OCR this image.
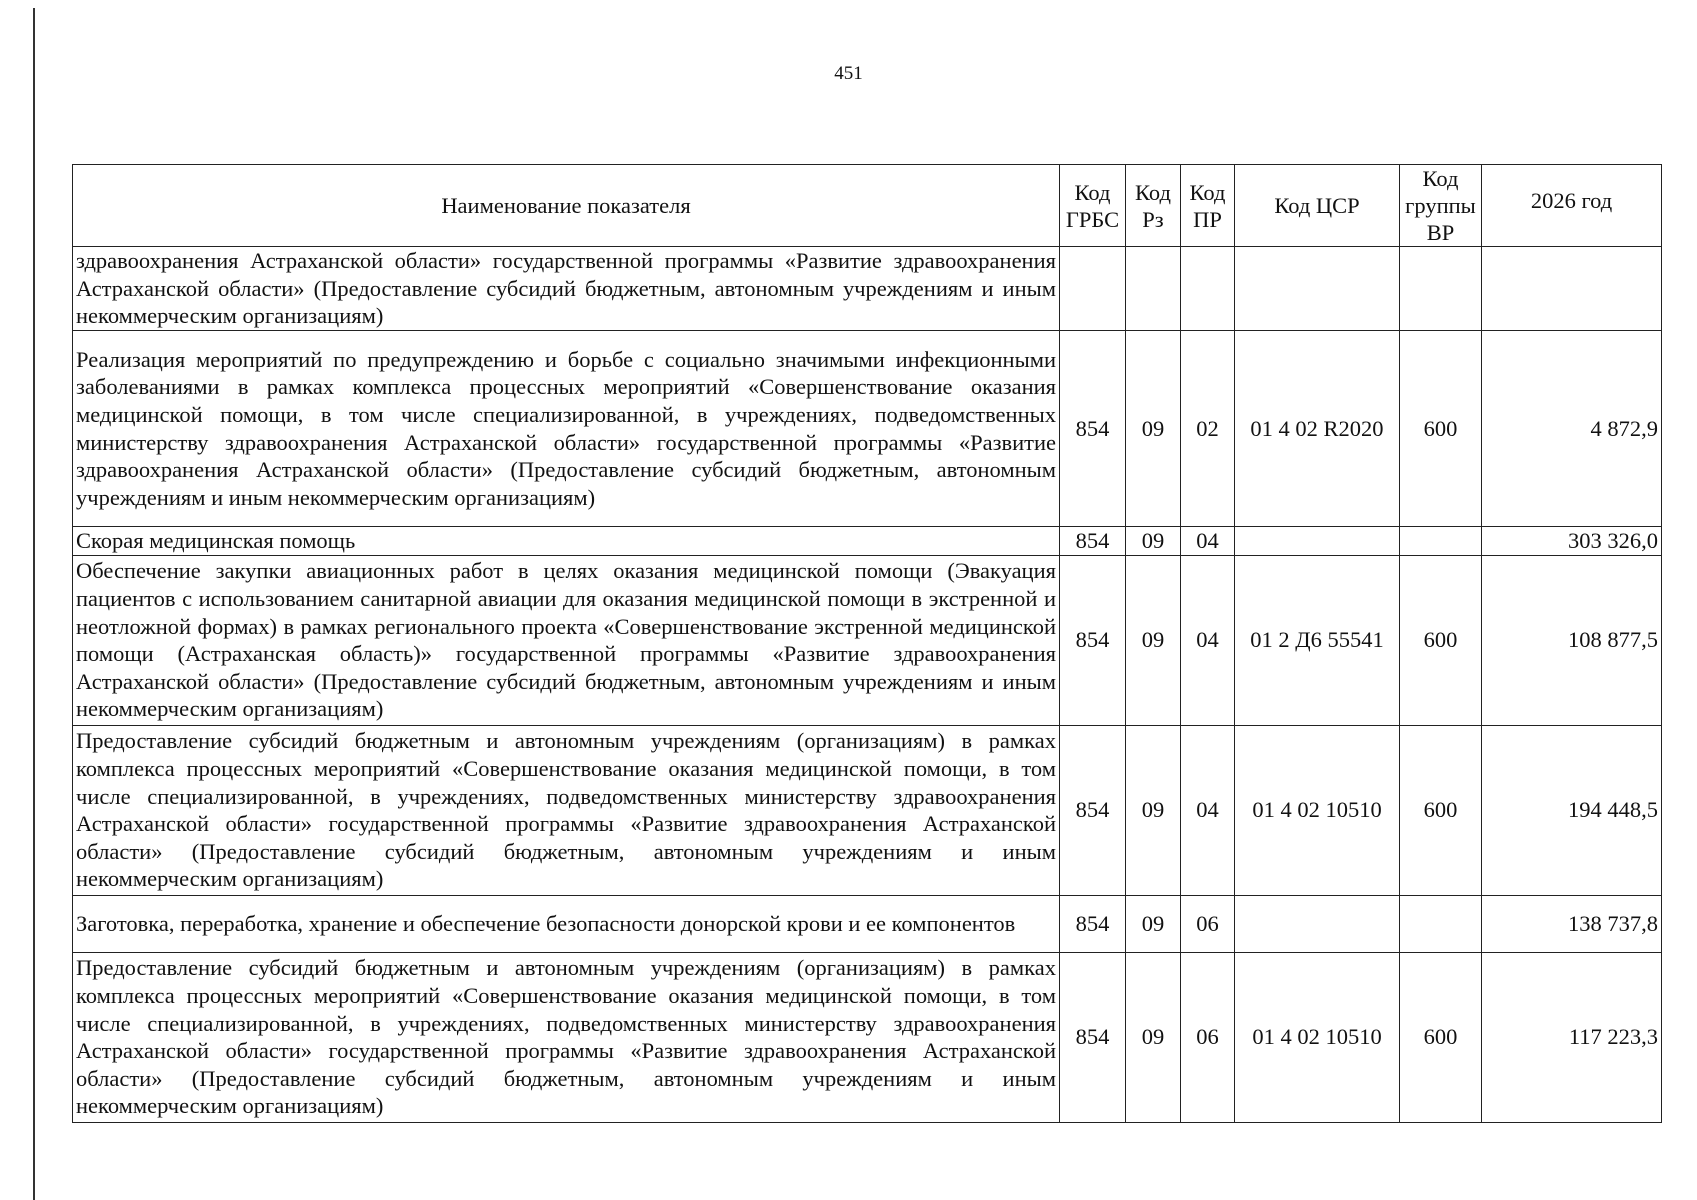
451
Наименование показателя	Код ГРБС	Код Рз	Код ПР	Код ЦСР	Код группы ВР	2026 год
здравоохранения Астраханской области» государственной программы «Развитие здравоохранения Астраханской области» (Предоставление субсидий бюджетным, автономным учреждениям и иным некоммерческим организациям)						
Реализация мероприятий по предупреждению и борьбе с социально значимыми инфекционными заболеваниями в рамках комплекса процессных мероприятий «Совершенствование оказания медицинской помощи, в том числе специализированной, в учреждениях, подведомственных министерству здравоохранения Астраханской области» государственной программы «Развитие здравоохранения Астраханской области» (Предоставление субсидий бюджетным, автономным учреждениям и иным некоммерческим организациям)	854	09	02	01 4 02 R2020	600	4 872,9
Скорая медицинская помощь	854	09	04			303 326,0
Обеспечение закупки авиационных работ в целях оказания медицинской помощи (Эвакуация пациентов с использованием санитарной авиации для оказания медицинской помощи в экстренной и неотложной формах) в рамках регионального проекта «Совершенствование экстренной медицинской помощи (Астраханская область)» государственной программы «Развитие здравоохранения Астраханской области» (Предоставление субсидий бюджетным, автономным учреждениям и иным некоммерческим организациям)	854	09	04	01 2 Д6 55541	600	108 877,5
Предоставление субсидий бюджетным и автономным учреждениям (организациям) в рамках комплекса процессных мероприятий «Совершенствование оказания медицинской помощи, в том числе специализированной, в учреждениях, подведомственных министерству здравоохранения Астраханской области» государственной программы «Развитие здравоохранения Астраханской области» (Предоставление субсидий бюджетным, автономным учреждениям и иным некоммерческим организациям)	854	09	04	01 4 02 10510	600	194 448,5
Заготовка, переработка, хранение и обеспечение безопасности донорской крови и ее компонентов	854	09	06			138 737,8
Предоставление субсидий бюджетным и автономным учреждениям (организациям) в рамках комплекса процессных мероприятий «Совершенствование оказания медицинской помощи, в том числе специализированной, в учреждениях, подведомственных министерству здравоохранения Астраханской области» государственной программы «Развитие здравоохранения Астраханской области» (Предоставление субсидий бюджетным, автономным учреждениям и иным некоммерческим организациям)	854	09	06	01 4 02 10510	600	117 223,3
